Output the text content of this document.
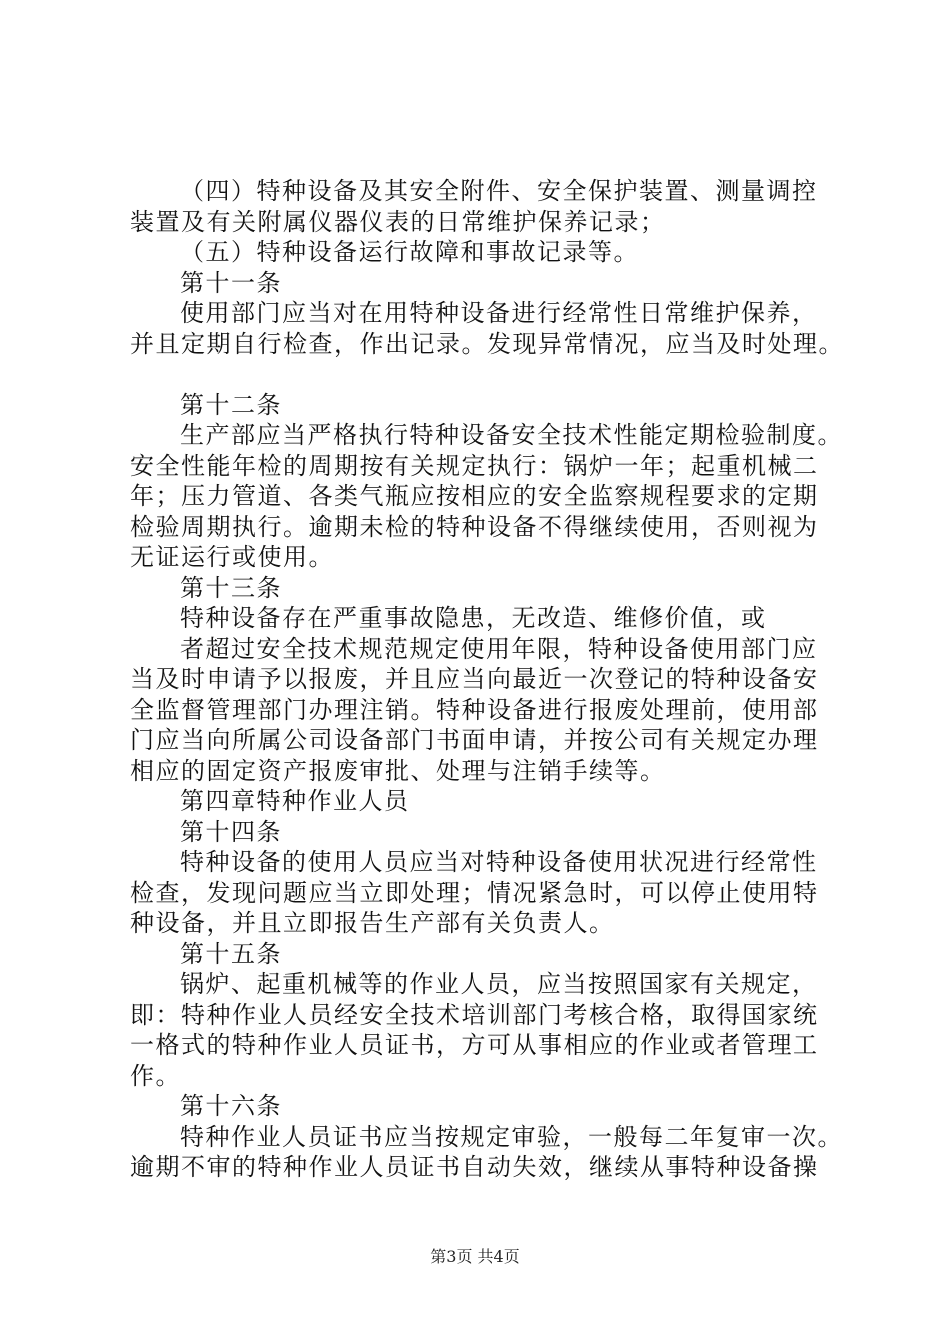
（四）特种设备及其安全附件、安全保护装置、测量调控
装置及有关附属仪器仪表的日常维护保养记录；
（五）特种设备运行故障和事故记录等。
第十一条
使用部门应当对在用特种设备进行经常性日常维护保养，
并且定期自行检查，作出记录。发现异常情况，应当及时处理。
第十二条
生产部应当严格执行特种设备安全技术性能定期检验制度。
安全性能年检的周期按有关规定执行：锅炉一年；起重机械二
年；压力管道、各类气瓶应按相应的安全监察规程要求的定期
检验周期执行。逾期未检的特种设备不得继续使用，否则视为
无证运行或使用。
第十三条
特种设备存在严重事故隐患，无改造、维修价值，或
者超过安全技术规范规定使用年限，特种设备使用部门应
当及时申请予以报废，并且应当向最近一次登记的特种设备安
全监督管理部门办理注销。特种设备进行报废处理前，使用部
门应当向所属公司设备部门书面申请，并按公司有关规定办理
相应的固定资产报废审批、处理与注销手续等。
第四章特种作业人员
第十四条
特种设备的使用人员应当对特种设备使用状况进行经常性
检查，发现问题应当立即处理；情况紧急时，可以停止使用特
种设备，并且立即报告生产部有关负责人。
第十五条
锅炉、起重机械等的作业人员，应当按照国家有关规定，
即：特种作业人员经安全技术培训部门考核合格，取得国家统
一格式的特种作业人员证书，方可从事相应的作业或者管理工
作。
第十六条
特种作业人员证书应当按规定审验，一般每二年复审一次。
逾期不审的特种作业人员证书自动失效，继续从事特种设备操
第3页 共4页
